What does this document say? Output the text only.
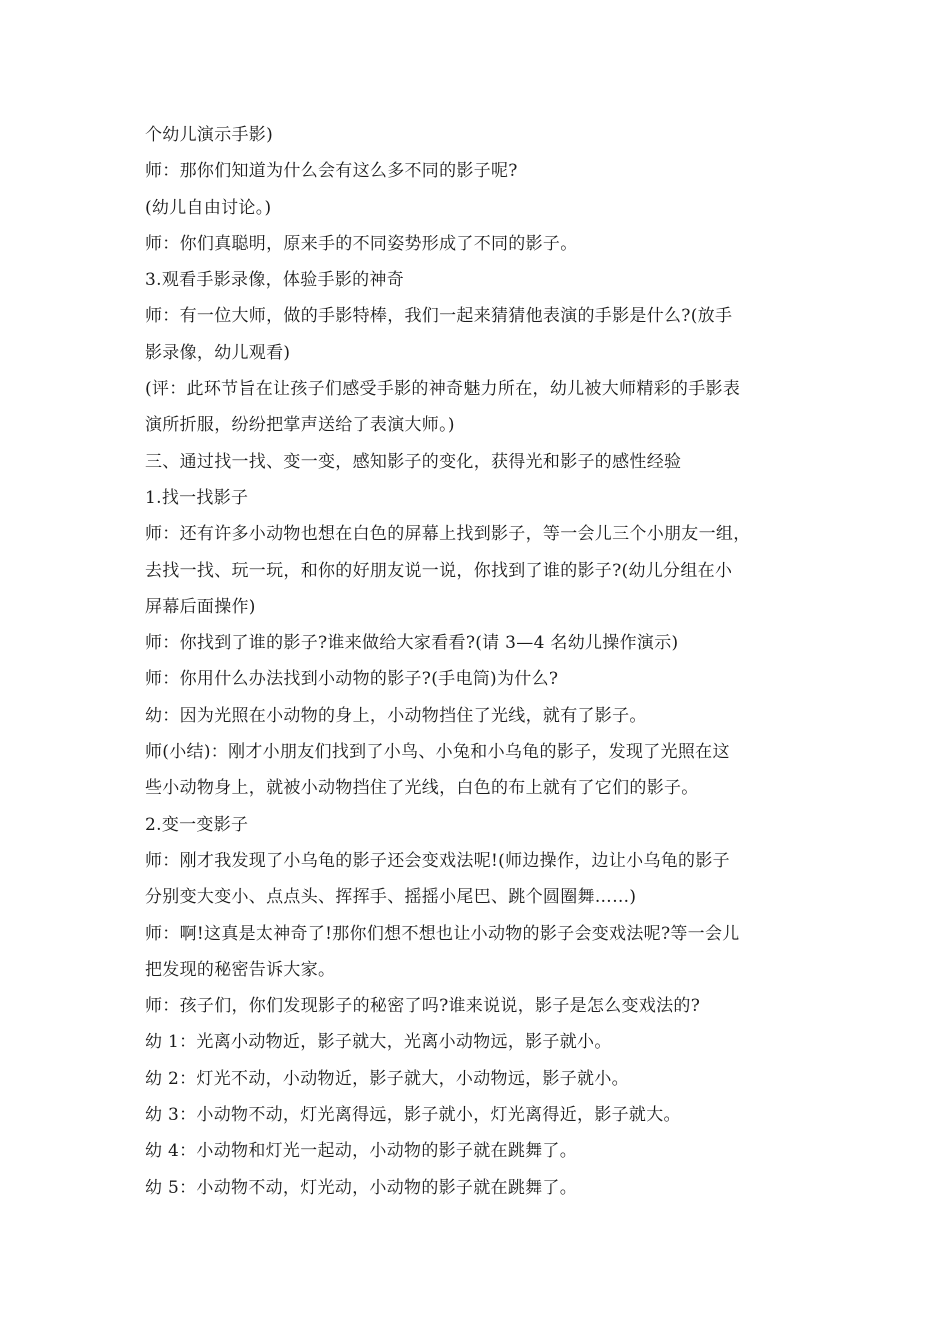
个幼儿演示手影)

师：那你们知道为什么会有这么多不同的影子呢?

(幼儿自由讨论。)

师：你们真聪明，原来手的不同姿势形成了不同的影子。

3.观看手影录像，体验手影的神奇

师：有一位大师，做的手影特棒，我们一起来猜猜他表演的手影是什么?(放手

影录像，幼儿观看)

(评：此环节旨在让孩子们感受手影的神奇魅力所在，幼儿被大师精彩的手影表

演所折服，纷纷把掌声送给了表演大师。)

三、通过找一找、变一变，感知影子的变化，获得光和影子的感性经验

1.找一找影子

师：还有许多小动物也想在白色的屏幕上找到影子，等一会儿三个小朋友一组，

去找一找、玩一玩，和你的好朋友说一说，你找到了谁的影子?(幼儿分组在小

屏幕后面操作)

师：你找到了谁的影子?谁来做给大家看看?(请 3—4 名幼儿操作演示)

师：你用什么办法找到小动物的影子?(手电筒)为什么?

幼：因为光照在小动物的身上，小动物挡住了光线，就有了影子。

师(小结)：刚才小朋友们找到了小鸟、小兔和小乌龟的影子，发现了光照在这

些小动物身上，就被小动物挡住了光线，白色的布上就有了它们的影子。

2.变一变影子

师：刚才我发现了小乌龟的影子还会变戏法呢!(师边操作，边让小乌龟的影子

分别变大变小、点点头、挥挥手、摇摇小尾巴、跳个圆圈舞……)

师：啊!这真是太神奇了!那你们想不想也让小动物的影子会变戏法呢?等一会儿

把发现的秘密告诉大家。

师：孩子们，你们发现影子的秘密了吗?谁来说说，影子是怎么变戏法的?

幼 1：光离小动物近，影子就大，光离小动物远，影子就小。

幼 2：灯光不动，小动物近，影子就大，小动物远，影子就小。

幼 3：小动物不动，灯光离得远，影子就小，灯光离得近，影子就大。

幼 4：小动物和灯光一起动，小动物的影子就在跳舞了。

幼 5：小动物不动，灯光动，小动物的影子就在跳舞了。
